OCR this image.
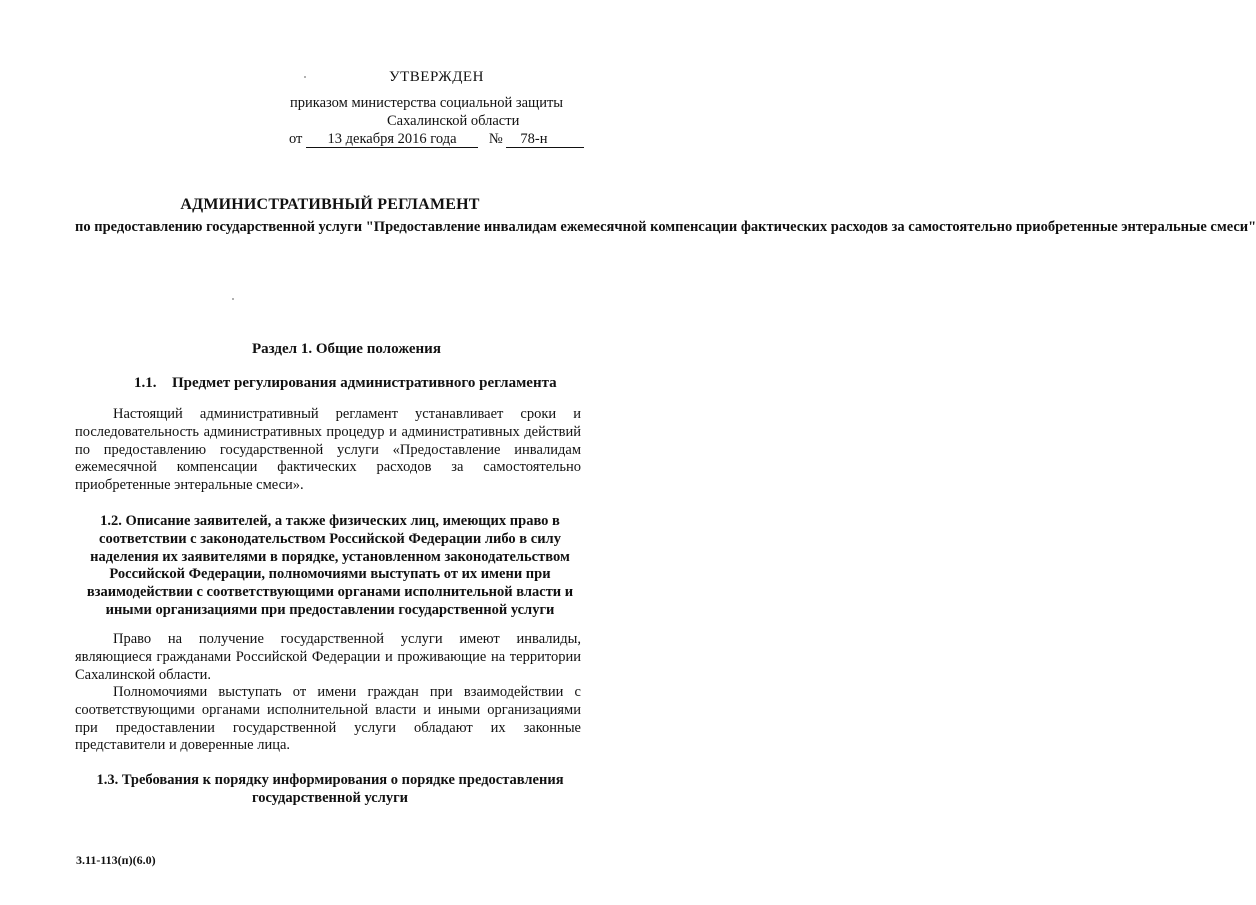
УТВЕРЖДЕН
приказом министерства социальной защиты
Сахалинской области
от 13 декабря 2016 года № 78-н
АДМИНИСТРАТИВНЫЙ РЕГЛАМЕНТ
по предоставлению государственной услуги "Предоставление инвалидам ежемесячной компенсации фактических расходов за самостоятельно приобретенные энтеральные смеси"
Раздел 1. Общие положения
1.1. Предмет регулирования административного регламента
Настоящий административный регламент устанавливает сроки и последовательность административных процедур и административных действий по предоставлению государственной услуги «Предоставление инвалидам ежемесячной компенсации фактических расходов за самостоятельно приобретенные энтеральные смеси».
1.2. Описание заявителей, а также физических лиц, имеющих право в соответствии с законодательством Российской Федерации либо в силу наделения их заявителями в порядке, установленном законодательством Российской Федерации, полномочиями выступать от их имени при взаимодействии с соответствующими органами исполнительной власти и иными организациями при предоставлении государственной услуги
Право на получение государственной услуги имеют инвалиды, являющиеся гражданами Российской Федерации и проживающие на территории Сахалинской области.
Полномочиями выступать от имени граждан при взаимодействии с соответствующими органами исполнительной власти и иными организациями при предоставлении государственной услуги обладают их законные представители и доверенные лица.
1.3. Требования к порядку информирования о порядке предоставления государственной услуги
3.11-113(п)(6.0)
